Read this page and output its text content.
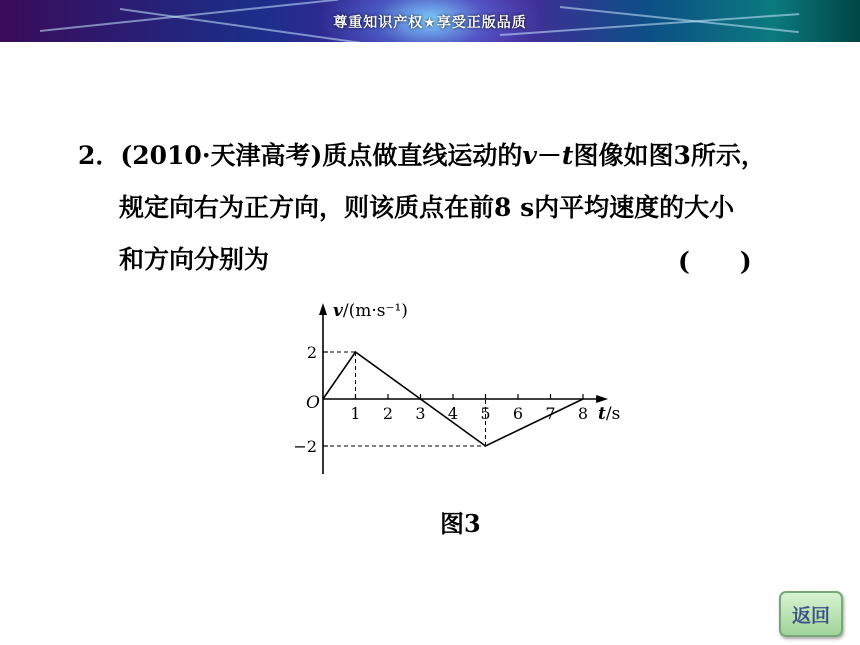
尊重知识产权★享受正版品质
2．(2010·天津高考)质点做直线运动的v－t图像如图3所示，
规定向右为正方向，则该质点在前8 s内平均速度的大小
和方向分别为	(　　)
1 2 3 4 5 6 7 8
2
−2
O
v/(m·s⁻¹)
t/s
图3
返回
